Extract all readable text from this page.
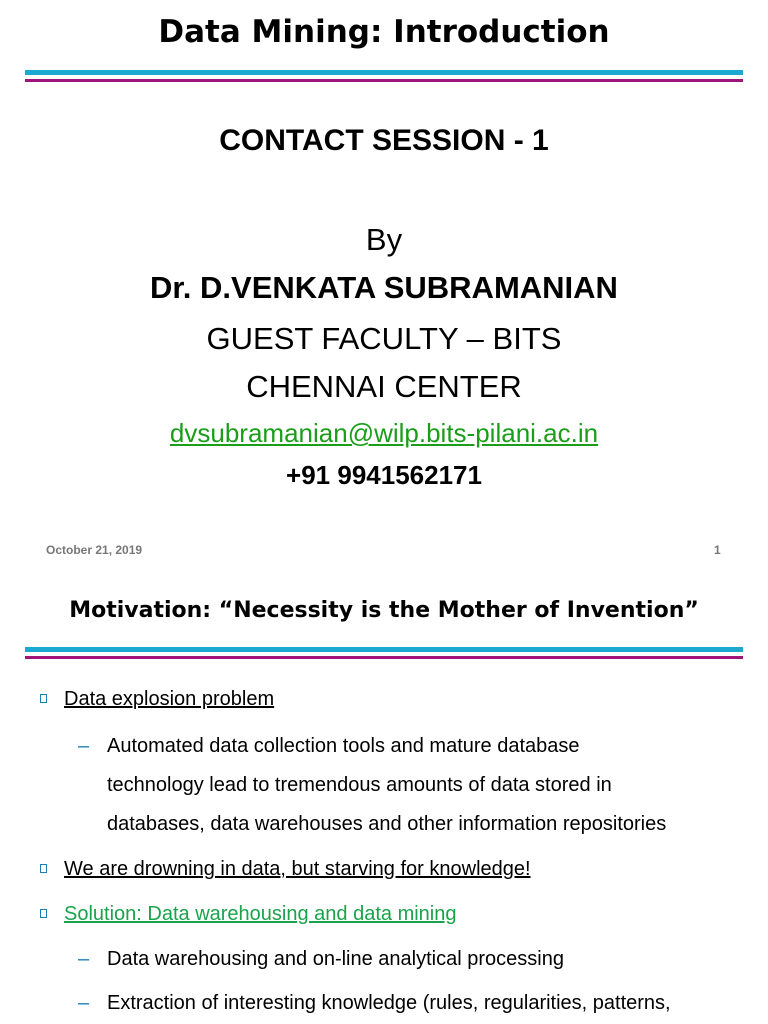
Data Mining: Introduction
CONTACT SESSION - 1
By
Dr. D.VENKATA SUBRAMANIAN
GUEST FACULTY – BITS
CHENNAI CENTER
dvsubramanian@wilp.bits-pilani.ac.in
+91 9941562171
October 21, 2019	1
Motivation: “Necessity is the Mother of Invention”
Data explosion problem
– Automated data collection tools and mature database
technology lead to tremendous amounts of data stored in
databases, data warehouses and other information repositories
We are drowning in data, but starving for knowledge!
Solution: Data warehousing and data mining
– Data warehousing and on-line analytical processing
– Extraction of interesting knowledge (rules, regularities, patterns,
